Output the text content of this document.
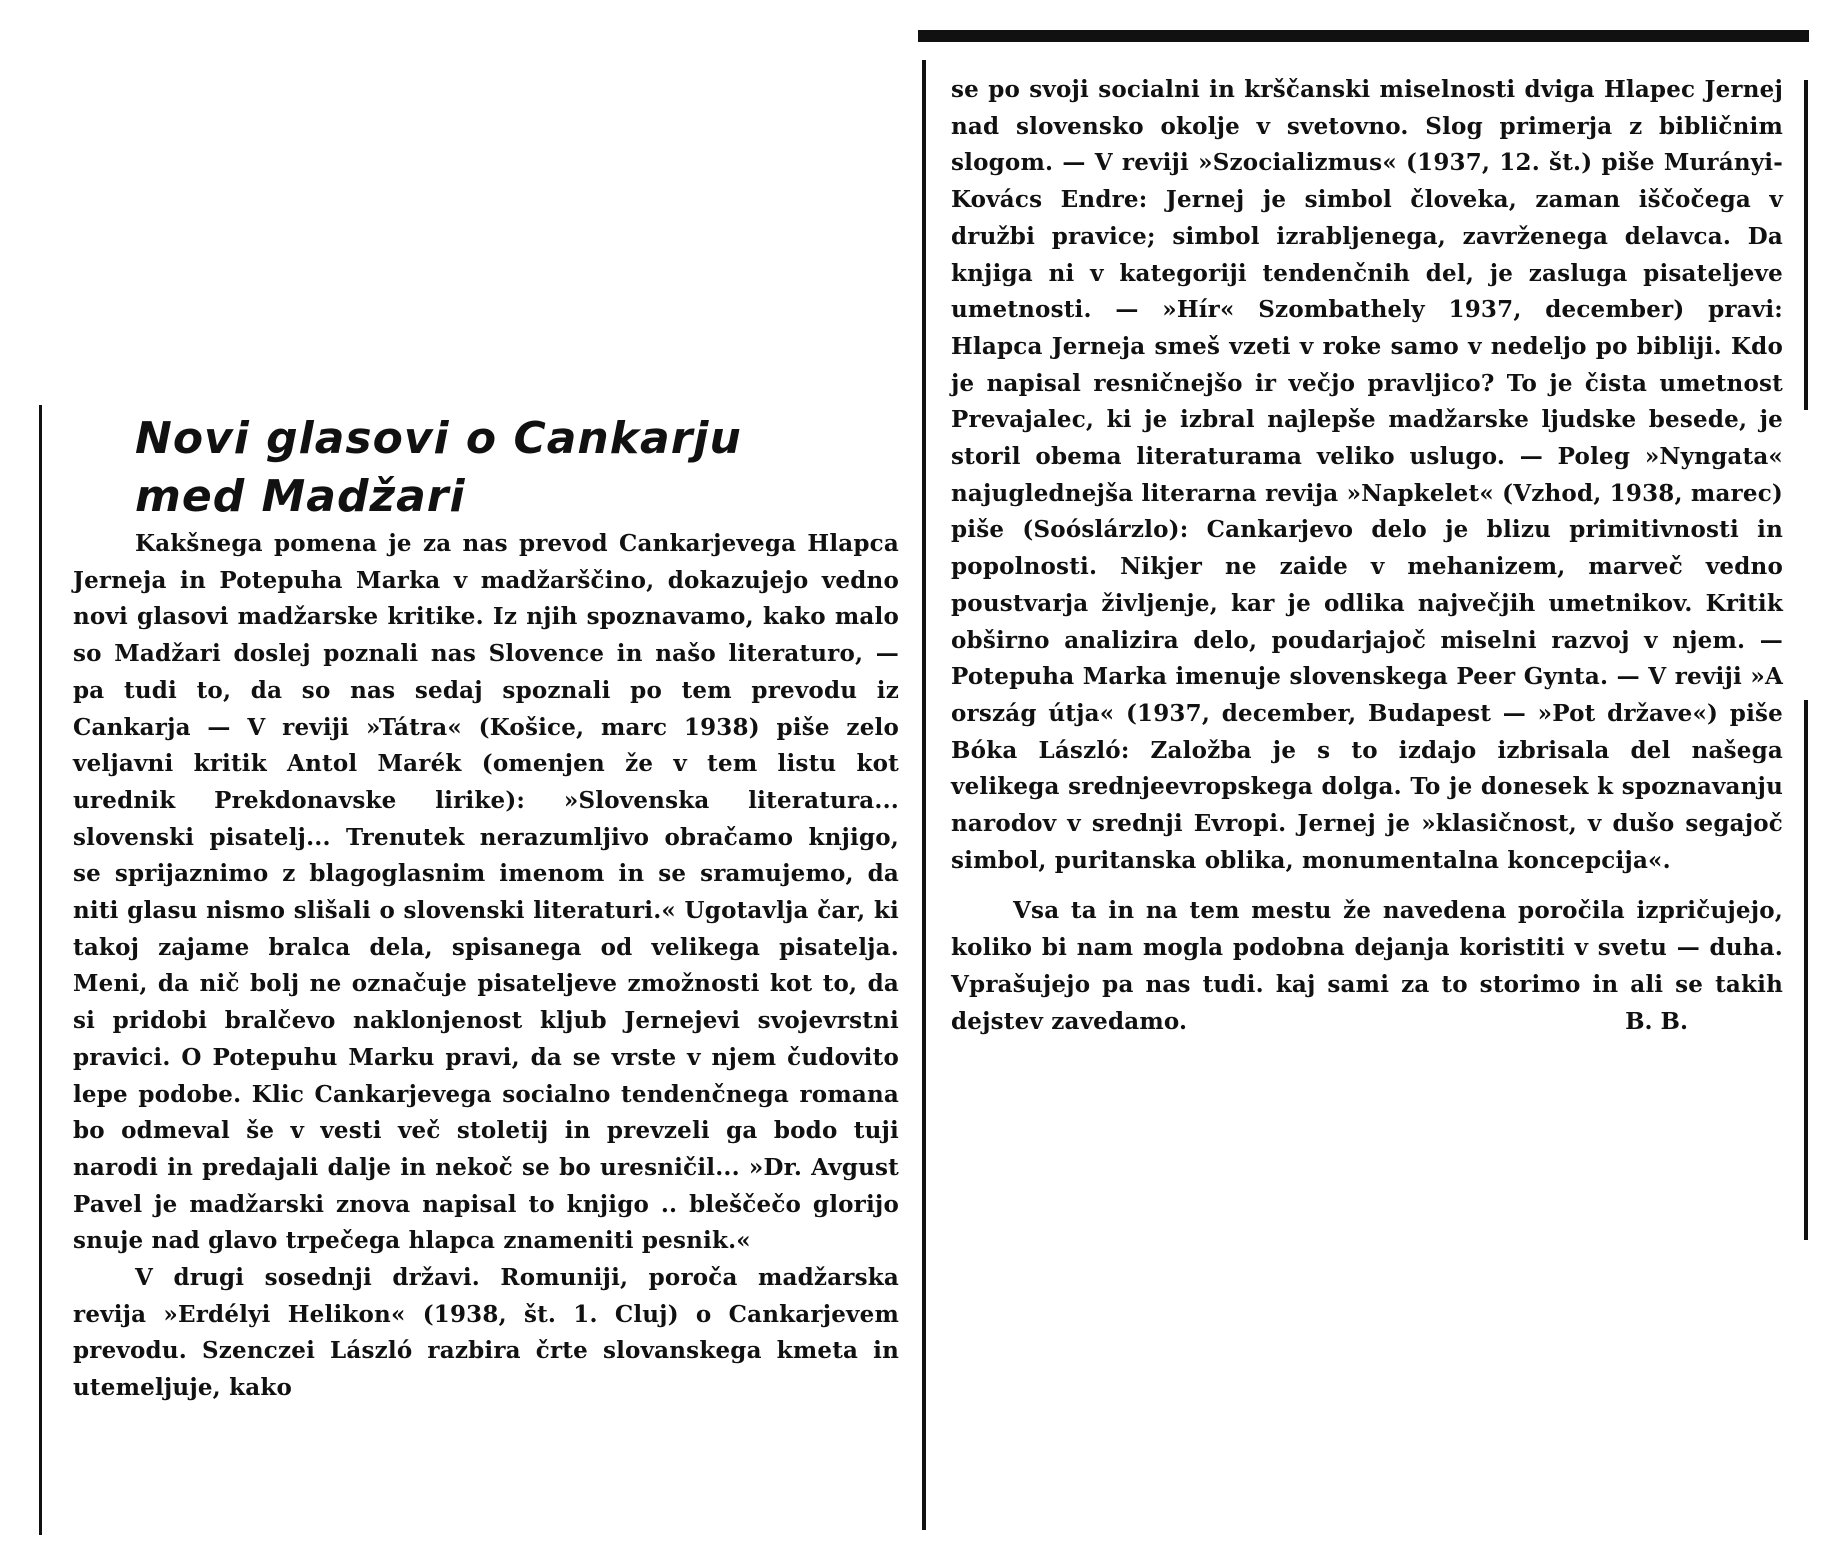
Novi glasovi o Cankarju
med Madžari

Kakšnega pomena je za nas prevod Cankarjevega Hlapca Jerneja in Potepuha Marka v madžarščino, dokazujejo vedno novi glasovi madžarske kritike. Iz njih spoznavamo, kako malo so Madžari doslej poznali nas Slovence in našo literaturo, — pa tudi to, da so nas sedaj spoznali po tem prevodu iz Cankarja — V reviji »Tátra« (Košice, marc 1938) piše zelo veljavni kritik Antol Marék (omenjen že v tem listu kot urednik Prekdonavske lirike): »Slovenska literatura... slovenski pisatelj... Trenutek nerazumljivo obračamo knjigo, se sprijaznimo z blagoglasnim imenom in se sramujemo, da niti glasu nismo slišali o slovenski literaturi.« Ugotavlja čar, ki takoj zajame bralca dela, spisanega od velikega pisatelja. Meni, da nič bolj ne označuje pisateljeve zmožnosti kot to, da si pridobi bralčevo naklonjenost kljub Jernejevi svojevrstni pravici. O Potepuhu Marku pravi, da se vrste v njem čudovito lepe podobe. Klic Cankarjevega socialno tendenčnega romana bo odmeval še v vesti več stoletij in prevzeli ga bodo tuji narodi in predajali dalje in nekoč se bo uresničil... »Dr. Avgust Pavel je madžarski znova napisal to knjigo .. bleščečo glorijo snuje nad glavo trpečega hlapca znameniti pesnik.«

V drugi sosednji državi. Romuniji, poroča madžarska revija »Erdélyi Helikon« (1938, št. 1. Cluj) o Cankarjevem prevodu. Szenczei László razbira črte slovanskega kmeta in utemeljuje, kako

se po svoji socialni in krščanski miselnosti dviga Hlapec Jernej nad slovensko okolje v svetovno. Slog primerja z bibličnim slogom. — V reviji »Szocializmus« (1937, 12. št.) piše Murányi-Kovács Endre: Jernej je simbol človeka, zaman iščočega v družbi pravice; simbol izrabljenega, zavrženega delavca. Da knjiga ni v kategoriji tendenčnih del, je zasluga pisateljeve umetnosti. — »Hír« Szombathely 1937, december) pravi: Hlapca Jerneja smeš vzeti v roke samo v nedeljo po bibliji. Kdo je napisal resničnejšo ir večjo pravljico? To je čista umetnost Prevajalec, ki je izbral najlepše madžarske ljudske besede, je storil obema literaturama veliko uslugo. — Poleg »Nyngata« najuglednejša literarna revija »Napkelet« (Vzhod, 1938, marec) piše (Soóslárzlo): Cankarjevo delo je blizu primitivnosti in popolnosti. Nikjer ne zaide v mehanizem, marveč vedno poustvarja življenje, kar je odlika največjih umetnikov. Kritik obširno analizira delo, poudarjajoč miselni razvoj v njem. — Potepuha Marka imenuje slovenskega Peer Gynta. — V reviji »A ország útja« (1937, december, Budapest — »Pot države«) piše Bóka László: Založba je s to izdajo izbrisala del našega velikega srednjeevropskega dolga. To je donesek k spoznavanju narodov v srednji Evropi. Jernej je »klasičnost, v dušo segajoč simbol, puritanska oblika, monumentalna koncepcija«.

Vsa ta in na tem mestu že navedena poročila izpričujejo, koliko bi nam mogla podobna dejanja koristiti v svetu — duha. Vprašujejo pa nas tudi. kaj sami za to storimo in ali se takih dejstev zavedamo.	B. B.
